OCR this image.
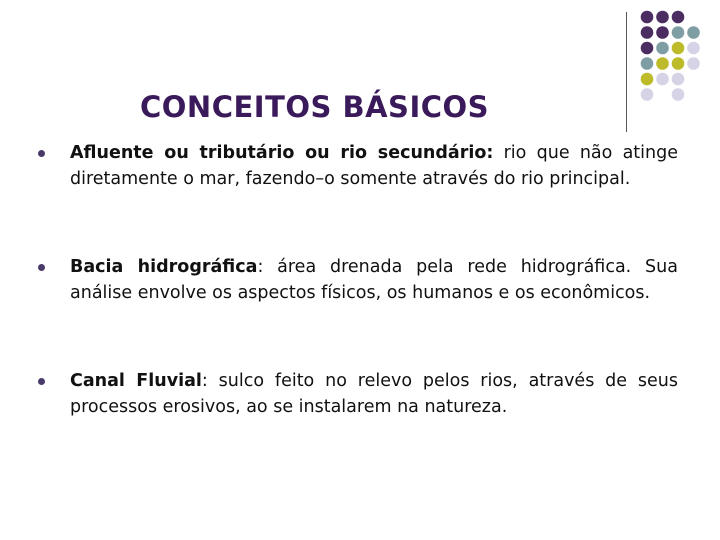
CONCEITOS BÁSICOS

Afluente ou tributário ou rio secundário: rio que não atinge diretamente o mar, fazendo–o somente através do rio principal.

Bacia hidrográfica: área drenada pela rede hidrográfica. Sua análise envolve os aspectos físicos, os humanos e os econômicos.

Canal Fluvial: sulco feito no relevo pelos rios, através de seus processos erosivos, ao se instalarem na natureza.
